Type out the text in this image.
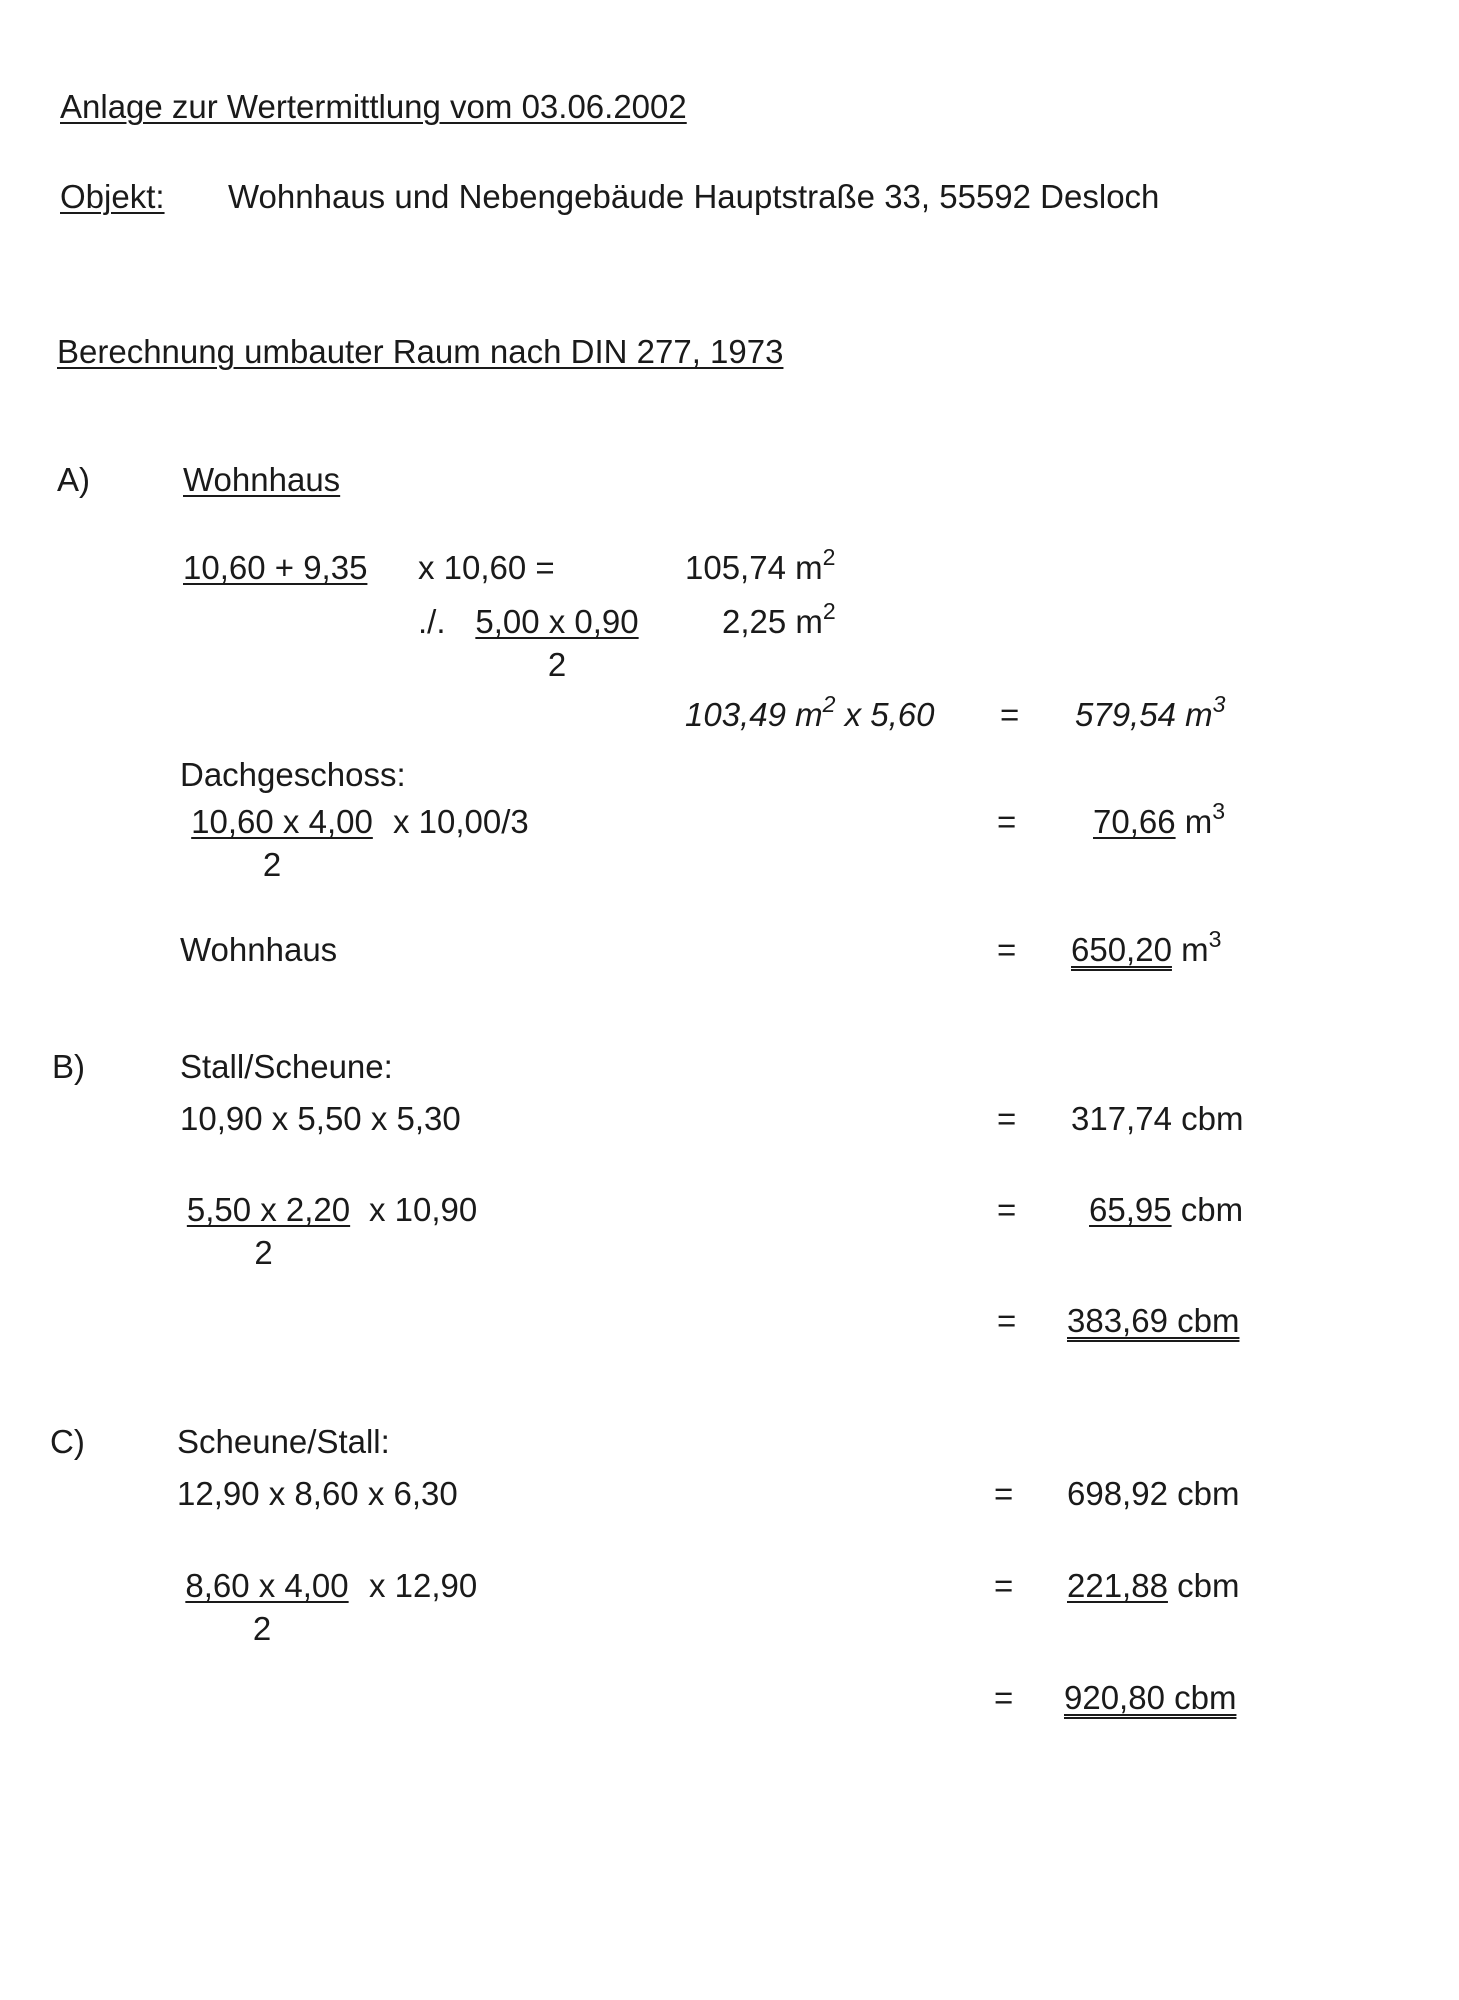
Anlage zur Wertermittlung vom 03.06.2002
Objekt: Wohnhaus und Nebengebäude Hauptstraße 33, 55592 Desloch
Berechnung umbauter Raum nach DIN 277, 1973
A)	Wohnhaus
10,60 + 9,35 x 10,60 =	105,74 $m^2$
./. $\frac{5,00 x 0,90}{2} 2,25$ $m^2$
103,49 $m^2$ x 5,60 = 579,54 $m^3$
Dachgeschoss:
$\frac{10,60 x 4,00}{2}$ x 10,00/3	= 70,66 $m^3$
Wohnhaus	= 650,20 $m^3$
B)	Stall/Scheune:
10,90 x 5,50 x 5,30	= 317,74 cbm
$\frac{5,50 x 2,20}{2}$ x 10,90	= 65,95 cbm
= 383,69 cbm
C)	Scheune/Stall:
12,90 x 8,60 x 6,30	= 698,92 cbm
$\frac{8,60 x 4,00}{2}$ x 12,90	= 221,88 cbm
= 920,80 cbm
